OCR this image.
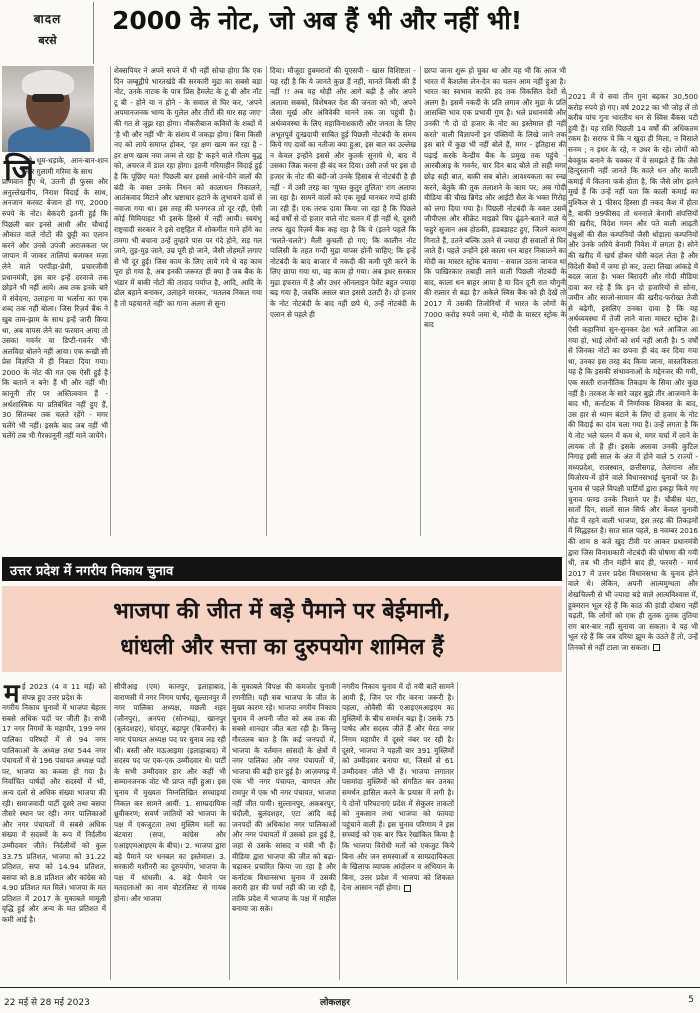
बादल
बरसे
2000 के नोट, जो अब हैं भी और नहीं भी!
तने धूम-धड़ाके, आन-बान-शान और ग़ुलामी गरिमा के साथ
प्राणवान हुए थे, उतनी ही फुस्स और अनुल्लेखनीय, निराश विदाई के साथ, अनजान करवट बेजान हो गए, 2000 रुपये के नोट। बेकदरी इतनी हुई कि पिछली बार इनसे आधी और चौथाई औकात वाले नोटों की छुट्टी का एलान करने और उनसे उपजी अराजकता पर जापान में जाकर तालियां बजाकर मज़ा लेने वाले परपीड़ा-प्रेमी, प्रचारजीवी प्रधानमंत्री, इस बार इन्हें दरवाजे तक छोड़ने भी नहीं आये। अब तक इनके बारे में संवेदना, उलाहना या भर्त्सना का एक शब्द तक नहीं बोला। जिस रिज़र्व बैंक ने खुब ताम-झाम के साथ इन्हें जारी किया था, अब वापस लेने का फरमान आया तो उसका गवर्नर या डिप्टी-गवर्नर भी अलविदा बोलने नहीं आया। एक रूखी सी प्रेस विज्ञप्ति में ही निबटा दिया गया। 2000 के नोट की गत एक ऐसी हुई है कि बताने न बने! हैं भी और नहीं भी! कानूनी तौर पर अस्तित्ववान हैं - अर्थशास्त्रिक या प्रतिबंधित नहीं हुए हैं, 30 सितम्बर तक चलते रहेंगे - मगर चलेंगे भी नहीं। इसके बाद जब नहीं भी चलेंगे तब भी गैरकानूनी नहीं माने जायेंगे।
जि
शेक्सपियर ने अपने सपने में भी नहीं सोचा होगा कि एक दिन जम्बूद्वीपे भारतखंडे की सरकारी मुद्रा का सबसे बड़ा नोट, उनके नाटक के पात्र प्रिंस हैमलेट के टू बी और नॉट टू बी - होने या न होने - के सवाल से घिर कर, 'अपने अपमानजनक भाग्य के गुलेल और तीरों की मार सह जाए' की गत से जूझ रहा होगा। नौकरीबाज कवियों के शब्दों में 'है भी और नहीं भी' के संशय में जकड़ा होगा। बिना किसी नए को लाये समाप्त होकर, 'हर क्षण खत्म कर रहा है - हर क्षण खत्म नया जन्म ले रहा है' कहने वाले गौतम बुद्ध को, अचरज में डाल रहा होगा। इतनी गरिमाहीन विदाई हुई है कि पूछिए मत! पिछली बार इससे आधे-पौने वालों की बंदी के वक्त उनके निधन को कालाधन निकालने, आतंकवाद मिटाने और भ्रष्टाचार हटाने के लुभावने दावों से नवाजा गया था। इस तरह की घनगरज तो दूर रही, ऐसी कोई मिमियाहट भी इसके हिस्से में नहीं आयी। स्वयंभू राष्ट्रवादी सरकार ने इसे राष्ट्रहित में शोकगीत गाने होंगे का तमगा भी बचाना उन्हें तुम्हारे पास पर गंदे होने, सड़ गल जाने, तुड़-मुड़ जाने, उम्र पूरी हो जाने, जैसी तोहमतें लगाए से भी दूर हुई। जिस काम के लिए लाये गये थे वह काम पूरा हो गया है, अब इनकी जरूरत ही क्या है जब बैंक के भंडार में बाकी नोटों की तादाद पर्याप्त है, आदि, आदि के ढोल बहाने बनाकर, उलाहने मारकर, 'मतलब निकल गया है तो पहचानते नहीं' का गाना अलग से सुना
दिया। मौजूदा हुक्मरानों की यूएसपी - खास विशिष्टता - यह रही है कि ये जानते कुछ हैं नहीं, मानते किसी की हैं नहीं !! अब यह थोड़ी और आगे बढ़ी है और अपने अलावा सबको, विशेषकर देश की जनता को भी, अपने जैसा मूर्ख और अविवेकी मानने तक जा पहुंची है। अर्थव्यवस्था के लिए महाविनाशकारी और जनता के लिए अभूतपूर्व दुःखदायी साबित हुई पिछली नोटबंदी के समय किये गए दावों का नतीजा क्या हुआ, इस बात का उल्लेख न केवल इन्होंने इससे और कुतर्क सुनाये थे, बाद में उसका जिक्र करना ही बंद कर दिया। उसी तर्ज पर इस दो हजार के नोट की बंदी-जो उनके हिसाब से नोटबंदी है ही नहीं - में उसी तरह का 'मुफ्त कुतुर तुलिता' राग अलापा जा रहा है। सामने वालों को एक मूर्ख मानकर गप्पें हांकी जा रही हैं। एक तरफ दावा किया जा रहा है कि पिछले कई वर्षों से दो हजार वाले नोट चलन में ही नहीं थे, दूसरी तरफ खुद रिज़र्व बैंक कह रहा है कि ये (इतने पहले कि 'चलते-चलते') मैली कुचली हो गए; कि कालीन नोट पालिसी के तहत गन्दी मुद्रा वापस होनी चाहिए; कि इन्हें नोटबंदी के बाद बाजार में नकदी की कमी पूरी करने के लिए छापा गया था, वह काम हो गया। अब इधर सरकार मुद्रा इफरात में है और उधर ऑनलाइन पेमेंट बहुत ज्यादा बढ़ गया है, जबकि असल बात इससे उलटी है। दो हजार के नोट नोटबंदी के बाद नहीं छपे थे, उन्हें नोटबंदी के एलान से पहले ही
छापा जाना शुरू हो चुका था और यह भी कि आज भी भारत में कैशलेस लेन-देन का चलन आम नहीं हुआ है। भारत का स्वभाव काफी हद तक विकसित देशों से अलग है। इसमें नकदी के प्रति लगाव और मुद्रा के प्रति आसक्ति भाव एक प्रभावी गुण है। भले प्रधानमंत्री और उनकी 'गै दो दो हजार के नोट का इस्तेमाल ही नहीं करते' वाली विज्ञापनों इन पंक्तियों के लिखे जाने तक इस बारे में कुछ भी नहीं बोले हैं, मगर - इतिहास की पढ़ाई करके केन्द्रीय बैंक के प्रमुख तक पहुंचे - आरबीआइ के गवर्नर, चार दिन बाद बोले तो सही मगर छोड़ सही बात, बाकी सब बोले। आवश्यकता का रुख करने, बेतुके की तुक तलाशने के काम पर, अब गोदी मीडिया की चीख ब्रिगेड और आईटी सैल के भक्त गिरोह को लगा दिया गया है। पिछली नोटबंदी के वक्त उसमें जीपीएस और सीक्रेट माइक्रो चिप ढूंढ़ने-बताने वाले ये फहुरे सुजान अब होठकी, हडबड़ाहट हुए, जितने कारण गिनाते हैं, उतने बल्कि उतने से ज्यादा ही सवालों से घिर जाते हैं। पहले उन्होंने इसे काला धन बाहर निकालने का मोदी का मास्टर स्ट्रोक बताया - सवाल उठना जायज था कि पाखिरकार तबाही लाने वाली पिछली नोटबंदी के बाद, काला धन बाहर आया है या दिन दूनी रात चौगुनी की रफ़्तार से बढ़ा है? अकेले स्विस बैंक को ही देखें तो 2017 में उसकी तिजोरियों में भारत के लोगों के 7000 करोड़ रुपये जमा थे, मोदी के मास्टर स्ट्रोक के बाद
2021 में ये सवा तीन गुना बढ़कर 30,500 करोड़ रुपये हो गए। वर्ष 2022 का भी जोड़ लें तो करीब पांच गुना भारतीय धन से स्विस बैंकस पटी हुयी हैं। यह राशि पिछली 14 वर्षों की अधिकतम रकम है। सराफ ये कि न खुदा ही मिला, न विसाले सनम ; न इधर के रहे, न उधर के रहे। लोगों को बेवकूफ़ बनाने के चक्कर में वे समझते हैं कि जैसे हिन्दुस्तानी नहीं जानते कि काले धन और काली कमाई में कितना फर्क होता है, कि जैसे लोग इतने मूर्ख हैं कि उन्हें नहीं पता कि काली कमाई का मुश्किल से 1 फीसद हिस्सा ही नकद कैश में होता है, बाकी 99फीसद तो धननाले बेनामी संपत्तियों की ख़रीद, विदेश गमन और पते वाली आढ़ती बंधुओं की सैल कम्पनियों जैसी थोड़ाला कम्पनियों और उनके जरिये बेनामी निवेश में लगता है। सोने की खरीद में खर्च होकर चोरी बदल लेता है और विदेशी बैंकों में जमा हो कर, उल्टा लिखा आंकड़े में बदल जाता है। भक्त बिरादरी और गोदी मीडिया दावा कर रहे हैं कि इन दो हजारियों से सोना, जमीन और साजो-सामान की खरीद-फरोख्त तेजी से बढ़ेगी, इसलिए उनका दावा है कि यह अर्थव्यवस्था में तेजी लाने वाला मास्टर स्ट्रोक है। ऐसी कहानियां सुन-सुनकर देश भले आजिज आ गया हो, भाई लोगों को शर्म नहीं आती है। 5 वर्षों से जिनका नोटों का छपना ही बंद कर दिया गया था, उनका इस तरह बंद किया जाना, वास्तविकता यह है कि इसकी संभावनाओं के मद्देनजर की गयी, एक सस्ती राजनीतिक तिकड़म के सिवा और कुछ नहीं है। तरकश के सारे जहर बुझे तीर आजमाने के बाद भी, कर्नाटक में निर्णायक शिकस्त के बाद, उस हार से ध्यान बंटाने के लिए दो हजार के नोट की विदाई का दांव चला गया है। उन्हें लगता है कि ये नोट भले चलन में कम थे, मगर चर्चा में लाने के लायक तो हैं ही। इसके अलावा उनकी कुटिल निगाह इसी साल के अंत में होने वाले 5 राज्यों - मध्यप्रदेश, राजस्थान, छत्तीसगढ़, तेलंगाना और मिजोरम-में होने वाले विधानसभाई चुनावों पर है। चुनाव से पहले विपक्षी पार्टियों द्वारा इकट्ठा किये गए चुनाव फण्ड उनके निशाने पर हैं। चौबीस घंटा, सातों दिन, सालों साल सिर्फ और केवल चुनावी मोड में रहने वाली भाजपा, इस तरह की तिकड़मों में सिद्धहस्त है। सात साल पहले, 8 नवम्बर 2016 की शाम 8 बजे खुद टीवी पर आकर प्रधानमंत्री द्वारा जिस विनाशकारी नोटबंदी की घोषणा की गयी थी, तब भी तीन महीने बाद ही, फरवरी - मार्च 2017 में उत्तर प्रदेश विधानसभा के चुनाव होने वाले थे। लेकिन, अपनी आत्ममुग्धता और शेखचिल्ली से भी ज्यादा बड़े वाले आत्मविश्वास में, हुक्मरान भूल रहे हैं कि काठ की हांडी दोबारा नहीं चढ़ती, कि लोगों को एक ही तुतक तुतक तुतिया राग बार-बार नहीं सुनाया जा सकता। वे यह भी भूल रहे हैं कि जब दरिया झूम के उठते हैं तो, उन्हें तिनकों से नहीं टाला जा सकता।
उत्तर प्रदेश में नगरीय निकाय चुनाव
भाजपा की जीत में बड़े पैमाने पर बेईमानी,
धांधली और सत्ता का दुरुपयोग शामिल हैं
ई 2023 (4 व 11 मई) को संपन्न हुए उत्तर प्रदेश के
नगरीय निकाय चुनावों में भाजपा बेहतर सबसे अधिक पदों पर जीती है। सभी 17 नगर निगमों के महापौर, 199 नगर पालिका परिषदों में से 94 नगर पालिकाओं के अध्यक्ष तथा 544 नगर पंचायतों में से 196 पंचायत अध्यक्ष पदों पर, भाजपा का कब्जा हो गया है। निर्वाचित पार्षदों और सदस्यों में भी, अन्य दलों से अधिक संख्या भाजपा की रही। समाजवादी पार्टी दूसरे तथा बसपा तीसरे स्थान पर रही। नगर पालिकाओं और नगर पंचायतों में सबसे अधिक संख्या में सदस्यों के रूप में निर्दलीय उम्मीदवार जीते। निर्दलीयों को कुल 33.75 प्रतिशत, भाजपा को 31.22 प्रतिशत, सपा को 14.94 प्रतिशत, बसपा को 8.8 प्रतिशत और कांग्रेस को 4.90 प्रतिशत मत मिले। भाजपा के मत प्रतिशत में 2017 के मुकाबले मामूली वृद्धि हुई और अन्य के मत प्रतिशत में कमी आई है।
म	सीपीआइ (एम) कानपुर, इलाहाबाद, वाराणसी में नगर निगम पार्षद, सुल्तानपुर में नगर पालिका अध्यक्ष, मछली शहर (जौनपुर), अनपरा (सोनभद्र), खानपुर (बुलंदशहर), चांदपुर, बढ़ापुर (बिजनौर) के नगर पंचायत अध्यक्ष पद पर चुनाव लड़ रही थी। बस्ती और मऊआइमा (इलाहाबाद) में सदस्य पद पर एक-एक उम्मीदवार थे। पार्टी के सभी उम्मीदवार हार और कहीं भी सम्मानजनक वोट भी प्राप्त नहीं हुआ। इस चुनाव में मुख्यतः निम्नलिखित सच्चाइयां निकल कर सामने आयीं: 1. साम्प्रदायिक ध्रुवीकरण; सवर्ण जातियों को भाजपा के पक्ष में एकजुटता तथा मुस्लिम मतों का बंटवारा (सपा, कांग्रेस और एआइएमआइएम के बीच)। 2. भाजपा द्वारा बड़े पैमाने पर धनबल का इस्तेमाल। 3. सरकारी मशीनरी का दुरुपयोग, भाजपा के पक्ष में धांधली। 4. बड़े पैमाने पर मतदाताओं का नाम वोटरलिस्ट से गायब होना। और भाजपा
के मुकाबले विपक्ष की कमजोर चुनावी रणनीति। यही सब भाजपा के जीत के मुख्य कारण रहे। भाजपा नगरीय निकाय चुनाव में अपनी जीत को अब तक की सबसे शानदार जीत बता रही है। किन्तु गौरतलब बात है कि कई जनपदों में, भाजपा के वर्तमान सांसदों के क्षेत्रों में नगर पालिका और नगर पंचायतों में, भाजपा की बड़ी हार हुई है। आज़मगढ़ में एक भी नगर पंचायत, बागपत और रामपुर में एक भी नगर पंचायत, भाजपा नहीं जीत पायी। सुल्तानपुर, अकबरपुर, चंदौली, बुलंदशहर, एटा आदि कई जनपदों की अधिकांश नगर पालिकाओं और नगर पंचायतों में उसको हार हुई है, जहां से उसके सांसद व मंत्री भी हैं। मीडिया द्वारा भाजपा की जीत को बढ़ा-चढ़ाकर प्रचारित किया जा रहा है और कर्नाटक विधानसभा चुनाव में उसकी करारी हार की चर्चा नहीं की जा रही है, ताकि प्रदेश में भाजपा के पक्ष में माहौल बनाया जा सके।
नगरीय निकाय चुनाव में दो नयी बातें सामने आयी हैं, जिन पर गौर करना जरूरी है। पहला, ओवैसी की एआइएमआइएम का मुस्लिमों के बीच समर्थन बढ़ा है। उसके 75 पार्षद और सदस्य जीते हैं और मेरठ नगर निगम महापौर में दूसरे नंबर पर रही है। दूसरे, भाजपा ने पहली बार 391 मुस्लिमों को उम्मीदवार बनाया था, जिसमें से 61 उम्मीदवार जीते भी हैं। भाजपा लगातार पसमांदा मुस्लिमों को संगठित कर उनका समर्थन हासिल करने के प्रयास में लगी है। ये दोनों परिघटनाएं प्रदेश में सेकुलर ताकतों को नुकसान तथा भाजपा को फायदा पहुंचाने वाली हैं। इस चुनाव परिणाम ने इस सच्चाई को एक बार फिर रेखांकित किया है कि भाजपा विरोधी मतों को एकजुट किये बिना और जन समस्याओं व साम्प्रदायिकता के खिलाफ व्यापक आंदोलन व अभियान के बिना, उत्तर प्रदेश में भाजपा को शिकस्त देना आसान नहीं होगा।
22 मई से 28 मई 2023	लोकलहर	5
